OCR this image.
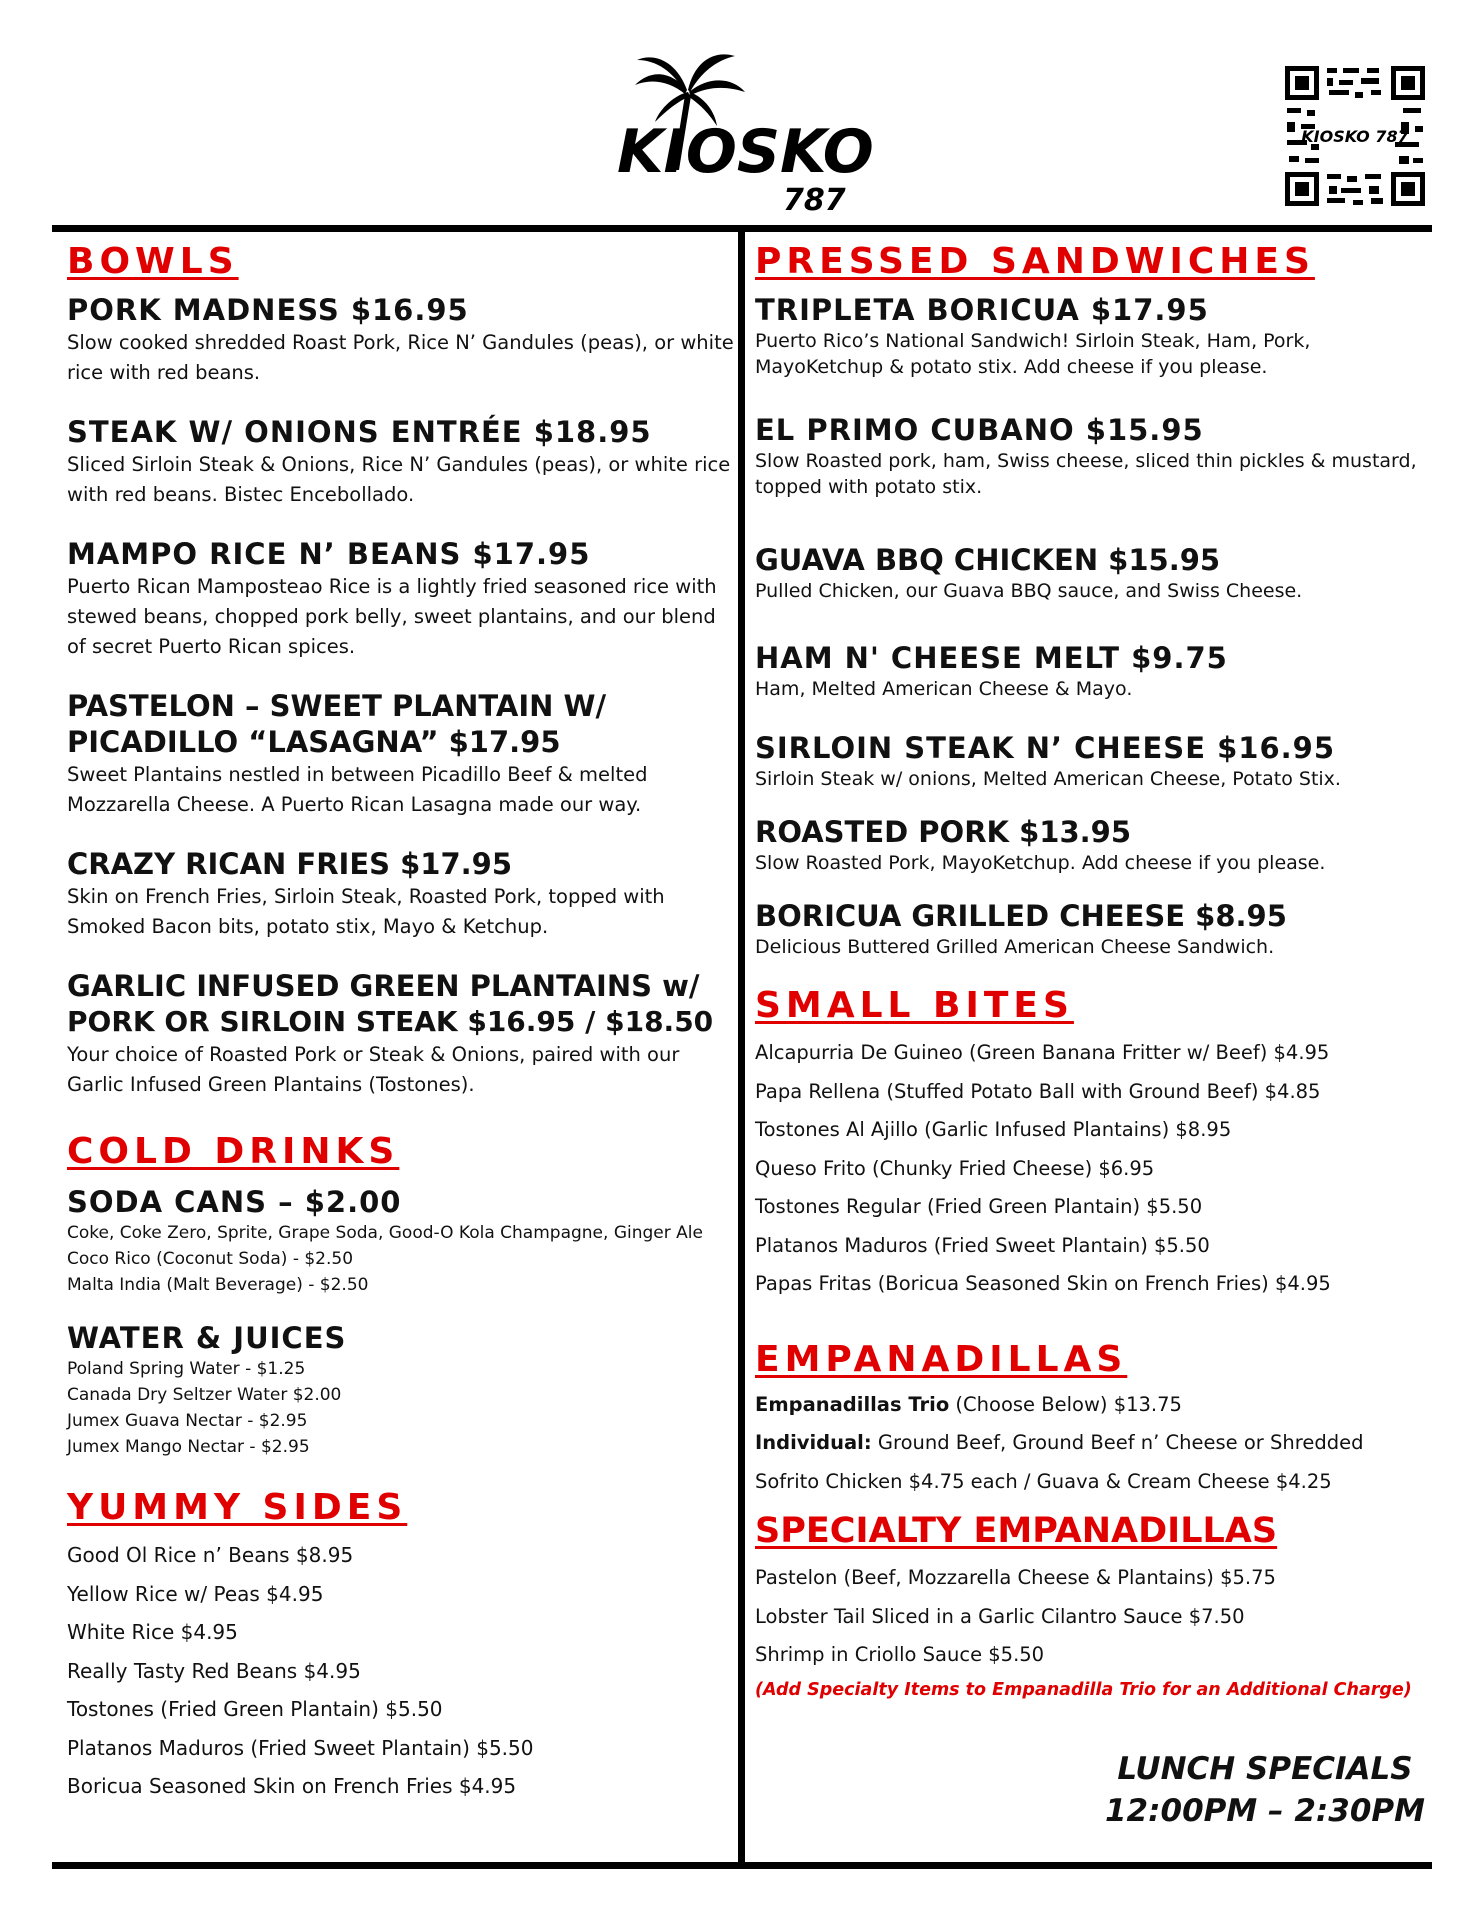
KIOSKO
787
KIOSKO 787

BOWLS

PORK MADNESS $16.95

Slow cooked shredded Roast Pork, Rice N’ Gandules (peas), or white rice with red beans.

STEAK W/ ONIONS ENTRÉE $18.95

Sliced Sirloin Steak & Onions, Rice N’ Gandules (peas), or white rice with red beans. Bistec Encebollado.

MAMPO RICE N’ BEANS $17.95

Puerto Rican Mamposteao Rice is a lightly fried seasoned rice with stewed beans, chopped pork belly, sweet plantains, and our blend of secret Puerto Rican spices.

PASTELON – SWEET PLANTAIN W/

PICADILLO “LASAGNA” $17.95

Sweet Plantains nestled in between Picadillo Beef & melted Mozzarella Cheese. A Puerto Rican Lasagna made our way.

CRAZY RICAN FRIES $17.95

Skin on French Fries, Sirloin Steak, Roasted Pork, topped with Smoked Bacon bits, potato stix, Mayo & Ketchup.

GARLIC INFUSED GREEN PLANTAINS w/

PORK OR SIRLOIN STEAK $16.95 / $18.50

Your choice of Roasted Pork or Steak & Onions, paired with our Garlic Infused Green Plantains (Tostones).

COLD DRINKS

SODA CANS – $2.00

Coke, Coke Zero, Sprite, Grape Soda, Good-O Kola Champagne, Ginger Ale

Coco Rico (Coconut Soda) - $2.50

Malta India (Malt Beverage) - $2.50

WATER & JUICES

Poland Spring Water - $1.25

Canada Dry Seltzer Water $2.00

Jumex Guava Nectar - $2.95

Jumex Mango Nectar - $2.95

YUMMY SIDES

Good Ol Rice n’ Beans $8.95

Yellow Rice w/ Peas $4.95

White Rice $4.95

Really Tasty Red Beans $4.95

Tostones (Fried Green Plantain) $5.50

Platanos Maduros (Fried Sweet Plantain) $5.50

Boricua Seasoned Skin on French Fries $4.95

PRESSED SANDWICHES

TRIPLETA BORICUA $17.95

Puerto Rico’s National Sandwich! Sirloin Steak, Ham, Pork, MayoKetchup & potato stix. Add cheese if you please.

EL PRIMO CUBANO $15.95

Slow Roasted pork, ham, Swiss cheese, sliced thin pickles & mustard, topped with potato stix.

GUAVA BBQ CHICKEN $15.95

Pulled Chicken, our Guava BBQ sauce, and Swiss Cheese.

HAM N' CHEESE MELT $9.75

Ham, Melted American Cheese & Mayo.

SIRLOIN STEAK N’ CHEESE $16.95

Sirloin Steak w/ onions, Melted American Cheese, Potato Stix.

ROASTED PORK $13.95

Slow Roasted Pork, MayoKetchup. Add cheese if you please.

BORICUA GRILLED CHEESE $8.95

Delicious Buttered Grilled American Cheese Sandwich.

SMALL BITES

Alcapurria De Guineo (Green Banana Fritter w/ Beef) $4.95

Papa Rellena (Stuffed Potato Ball with Ground Beef) $4.85

Tostones Al Ajillo (Garlic Infused Plantains) $8.95

Queso Frito (Chunky Fried Cheese) $6.95

Tostones Regular (Fried Green Plantain) $5.50

Platanos Maduros (Fried Sweet Plantain) $5.50

Papas Fritas (Boricua Seasoned Skin on French Fries) $4.95

EMPANADILLAS

Empanadillas Trio (Choose Below) $13.75

Individual: Ground Beef, Ground Beef n’ Cheese or Shredded

Sofrito Chicken $4.75 each / Guava & Cream Cheese $4.25

SPECIALTY EMPANADILLAS

Pastelon (Beef, Mozzarella Cheese & Plantains) $5.75

Lobster Tail Sliced in a Garlic Cilantro Sauce $7.50

Shrimp in Criollo Sauce $5.50

(Add Specialty Items to Empanadilla Trio for an Additional Charge)

LUNCH SPECIALS
12:00PM – 2:30PM
